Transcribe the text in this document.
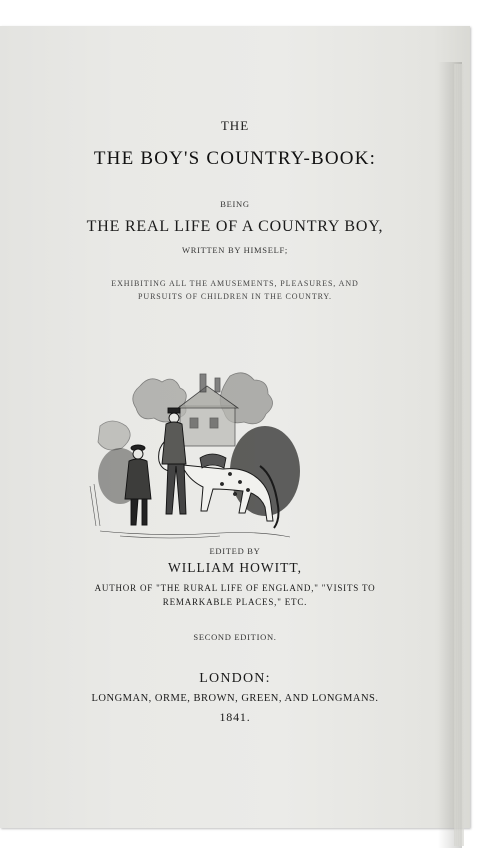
THE
THE BOY'S COUNTRY-BOOK:
BEING
THE REAL LIFE OF A COUNTRY BOY,
WRITTEN BY HIMSELF;
EXHIBITING ALL THE AMUSEMENTS, PLEASURES, AND
PURSUITS OF CHILDREN IN THE COUNTRY.
EDITED BY
WILLIAM HOWITT,
AUTHOR OF "THE RURAL LIFE OF ENGLAND," "VISITS TO
REMARKABLE PLACES," ETC.
SECOND EDITION.
LONDON:
LONGMAN, ORME, BROWN, GREEN, AND LONGMANS.
1841.
